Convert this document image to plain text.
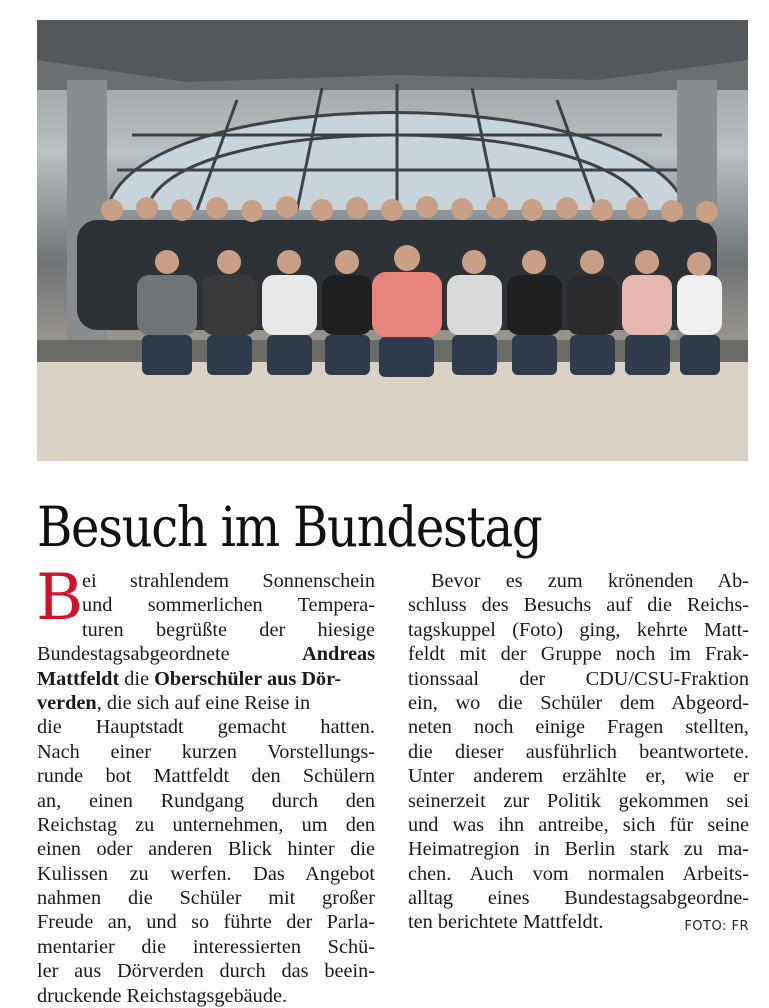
Besuch im Bundestag
B
ei strahlendem Sonnenschein
und sommerlichen Tempera-
turen begrüßte der hiesige
Bundestagsabgeordnete	Andreas
Mattfeldt die Oberschüler aus Dör-
verden, die sich auf eine Reise in
die Hauptstadt gemacht hatten.
Nach einer kurzen Vorstellungs-
runde bot Mattfeldt den Schülern
an, einen Rundgang durch den
Reichstag zu unternehmen, um den
einen oder anderen Blick hinter die
Kulissen zu werfen. Das Angebot
nahmen die Schüler mit großer
Freude an, und so führte der Parla-
mentarier die interessierten Schü-
ler aus Dörverden durch das beein-
druckende Reichstagsgebäude.
Bevor es zum krönenden Ab-
schluss des Besuchs auf die Reichs-
tagskuppel (Foto) ging, kehrte Matt-
feldt mit der Gruppe noch im Frak-
tionssaal der CDU/CSU-Fraktion
ein, wo die Schüler dem Abgeord-
neten noch einige Fragen stellten,
die dieser ausführlich beantwortete.
Unter anderem erzählte er, wie er
seinerzeit zur Politik gekommen sei
und was ihn antreibe, sich für seine
Heimatregion in Berlin stark zu ma-
chen. Auch vom normalen Arbeits-
alltag eines Bundestagsabgeordne-
ten berichtete Mattfeldt.	FOTO: FR
